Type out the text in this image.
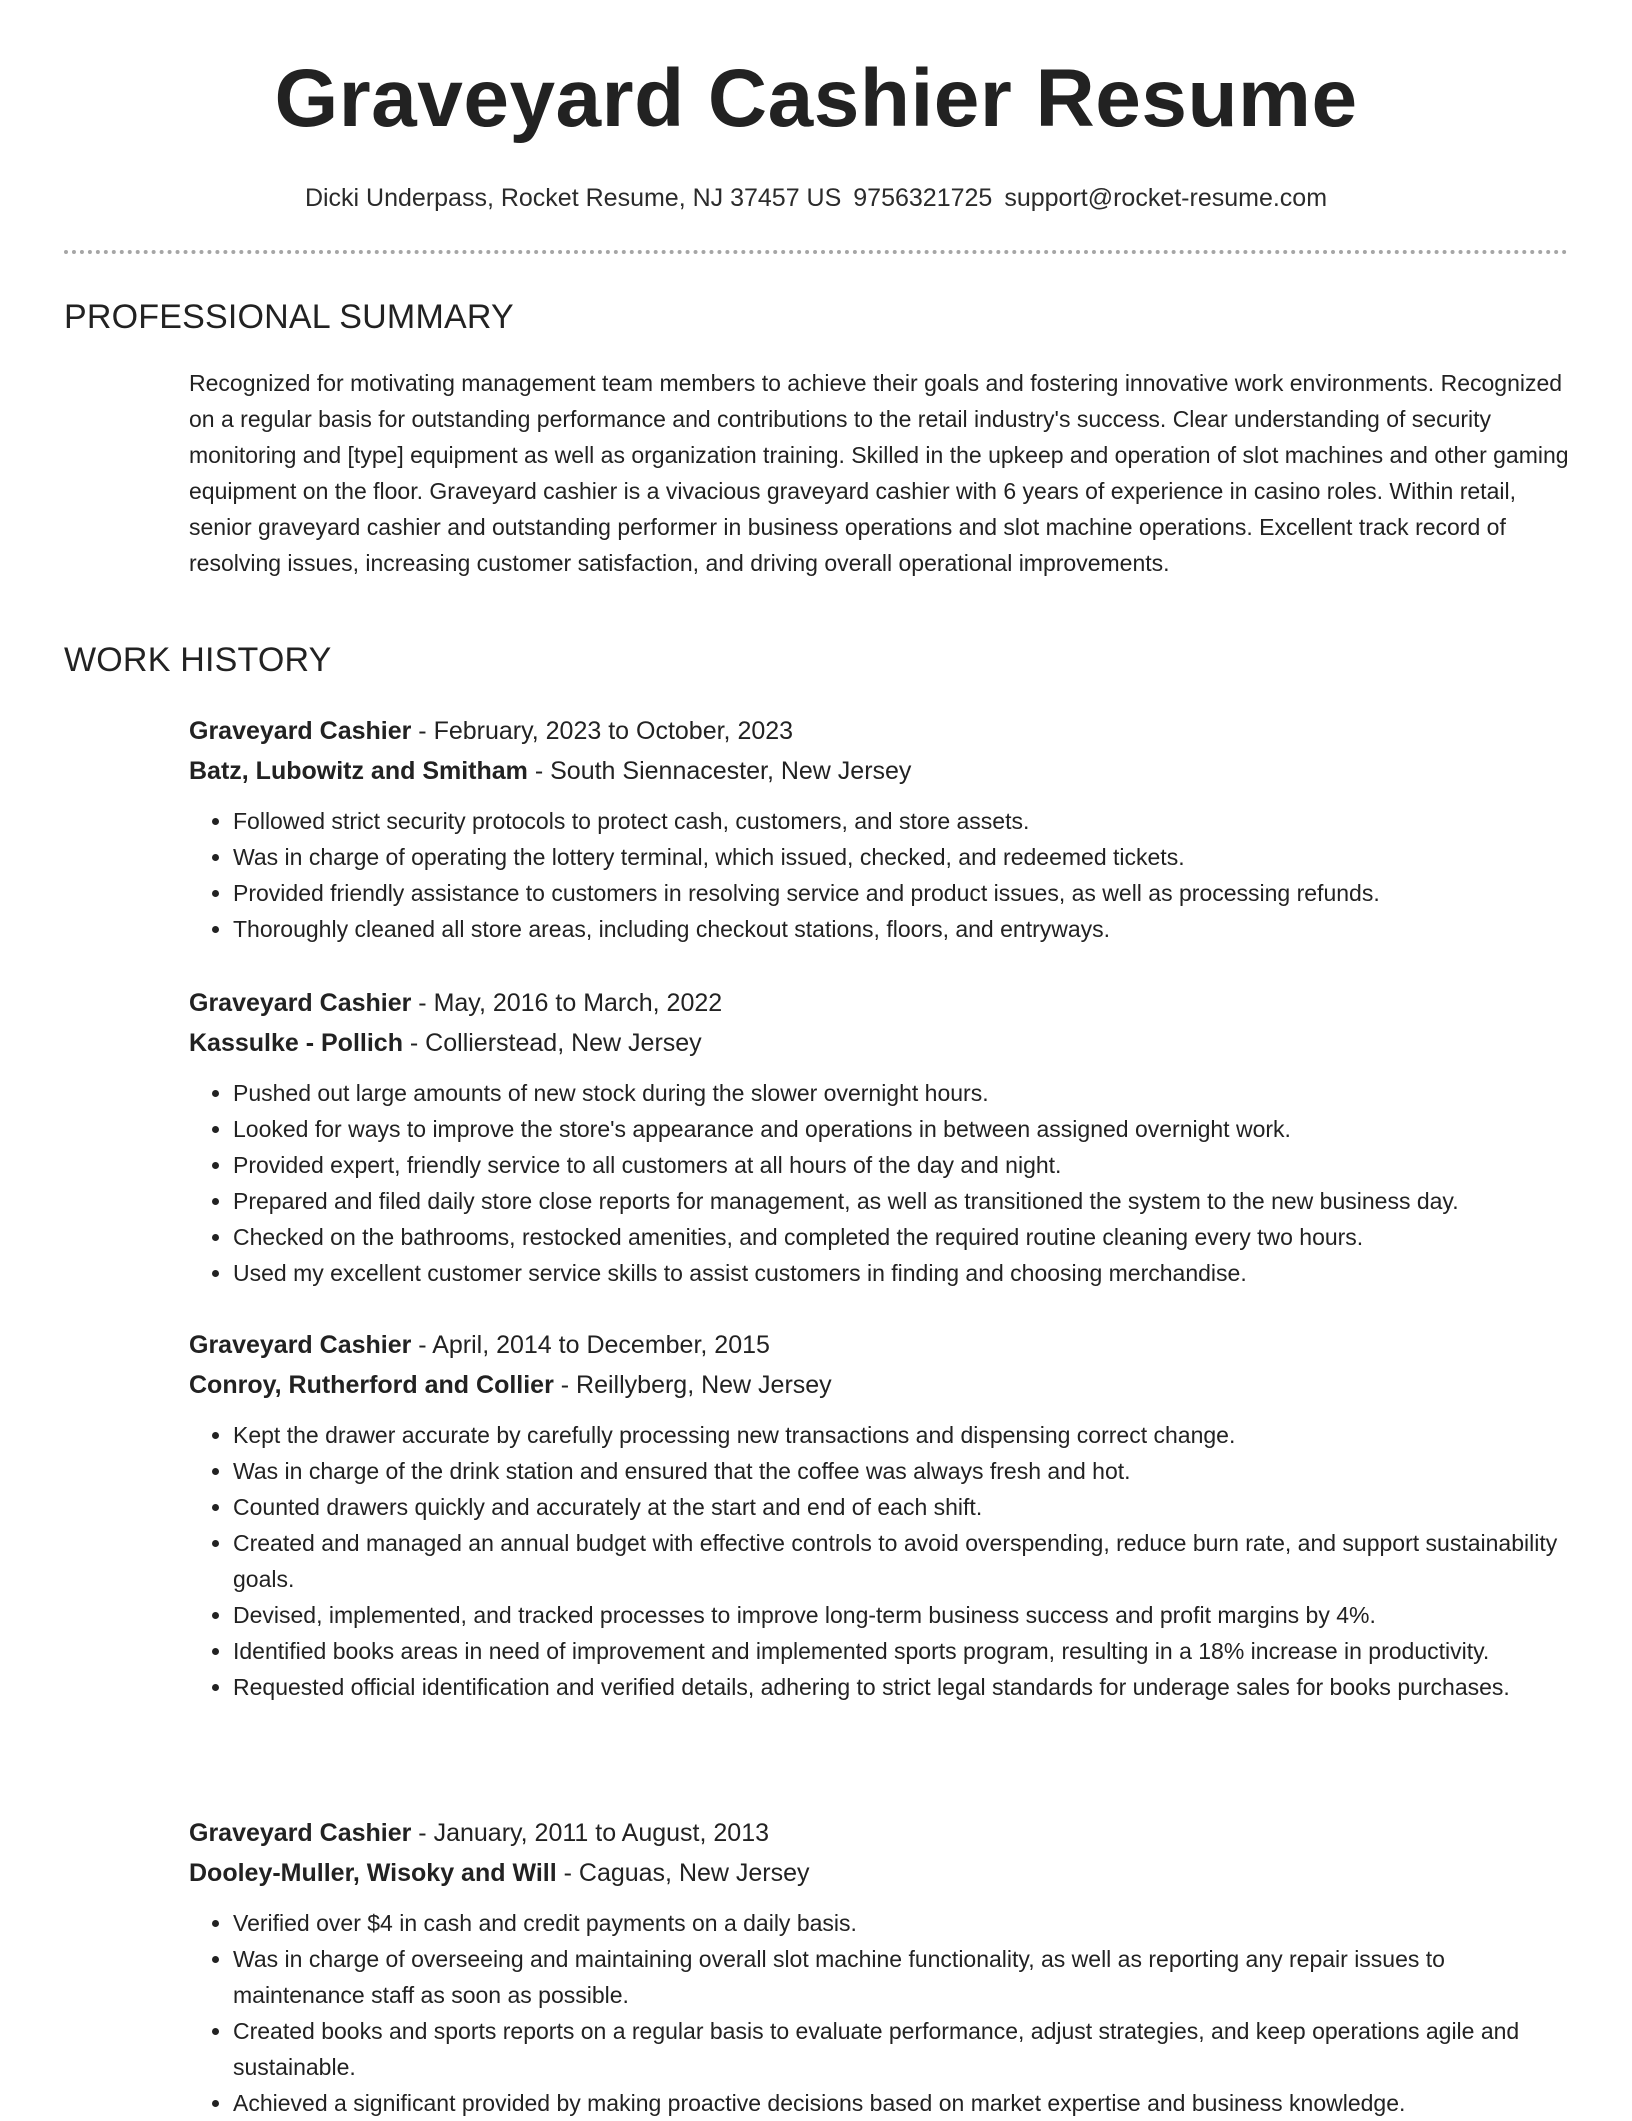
Graveyard Cashier Resume
Dicki Underpass, Rocket Resume, NJ 37457 US 9756321725 support@rocket-resume.com
PROFESSIONAL SUMMARY
Recognized for motivating management team members to achieve their goals and fostering innovative work environments. Recognized on a regular basis for outstanding performance and contributions to the retail industry's success. Clear understanding of security monitoring and [type] equipment as well as organization training. Skilled in the upkeep and operation of slot machines and other gaming equipment on the floor. Graveyard cashier is a vivacious graveyard cashier with 6 years of experience in casino roles. Within retail, senior graveyard cashier and outstanding performer in business operations and slot machine operations. Excellent track record of resolving issues, increasing customer satisfaction, and driving overall operational improvements.
WORK HISTORY
Graveyard Cashier - February, 2023 to October, 2023
Batz, Lubowitz and Smitham - South Siennacester, New Jersey
• Followed strict security protocols to protect cash, customers, and store assets.
• Was in charge of operating the lottery terminal, which issued, checked, and redeemed tickets.
• Provided friendly assistance to customers in resolving service and product issues, as well as processing refunds.
• Thoroughly cleaned all store areas, including checkout stations, floors, and entryways.
Graveyard Cashier - May, 2016 to March, 2022
Kassulke - Pollich - Collierstead, New Jersey
• Pushed out large amounts of new stock during the slower overnight hours.
• Looked for ways to improve the store's appearance and operations in between assigned overnight work.
• Provided expert, friendly service to all customers at all hours of the day and night.
• Prepared and filed daily store close reports for management, as well as transitioned the system to the new business day.
• Checked on the bathrooms, restocked amenities, and completed the required routine cleaning every two hours.
• Used my excellent customer service skills to assist customers in finding and choosing merchandise.
Graveyard Cashier - April, 2014 to December, 2015
Conroy, Rutherford and Collier - Reillyberg, New Jersey
• Kept the drawer accurate by carefully processing new transactions and dispensing correct change.
• Was in charge of the drink station and ensured that the coffee was always fresh and hot.
• Counted drawers quickly and accurately at the start and end of each shift.
• Created and managed an annual budget with effective controls to avoid overspending, reduce burn rate, and support sustainability goals.
• Devised, implemented, and tracked processes to improve long-term business success and profit margins by 4%.
• Identified books areas in need of improvement and implemented sports program, resulting in a 18% increase in productivity.
• Requested official identification and verified details, adhering to strict legal standards for underage sales for books purchases.
Graveyard Cashier - January, 2011 to August, 2013
Dooley-Muller, Wisoky and Will - Caguas, New Jersey
• Verified over $4 in cash and credit payments on a daily basis.
• Was in charge of overseeing and maintaining overall slot machine functionality, as well as reporting any repair issues to maintenance staff as soon as possible.
• Created books and sports reports on a regular basis to evaluate performance, adjust strategies, and keep operations agile and sustainable.
• Achieved a significant provided by making proactive decisions based on market expertise and business knowledge.
